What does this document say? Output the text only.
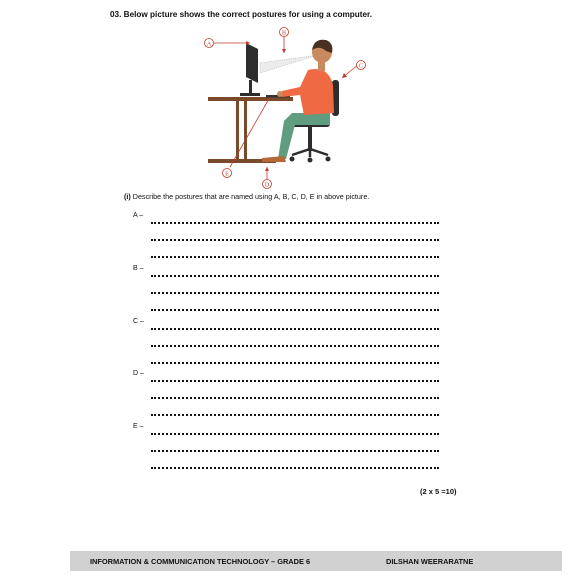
03. Below picture shows the correct postures for using a computer.
A
B
C
D
E
(i) Describe the postures that are named using A, B, C, D, E in above picture.
A –
B –
C –
D –
E –
(2 x 5 =10)
INFORMATION & COMMUNICATION TECHNOLOGY – GRADE 6	DILSHAN WEERARATNE
